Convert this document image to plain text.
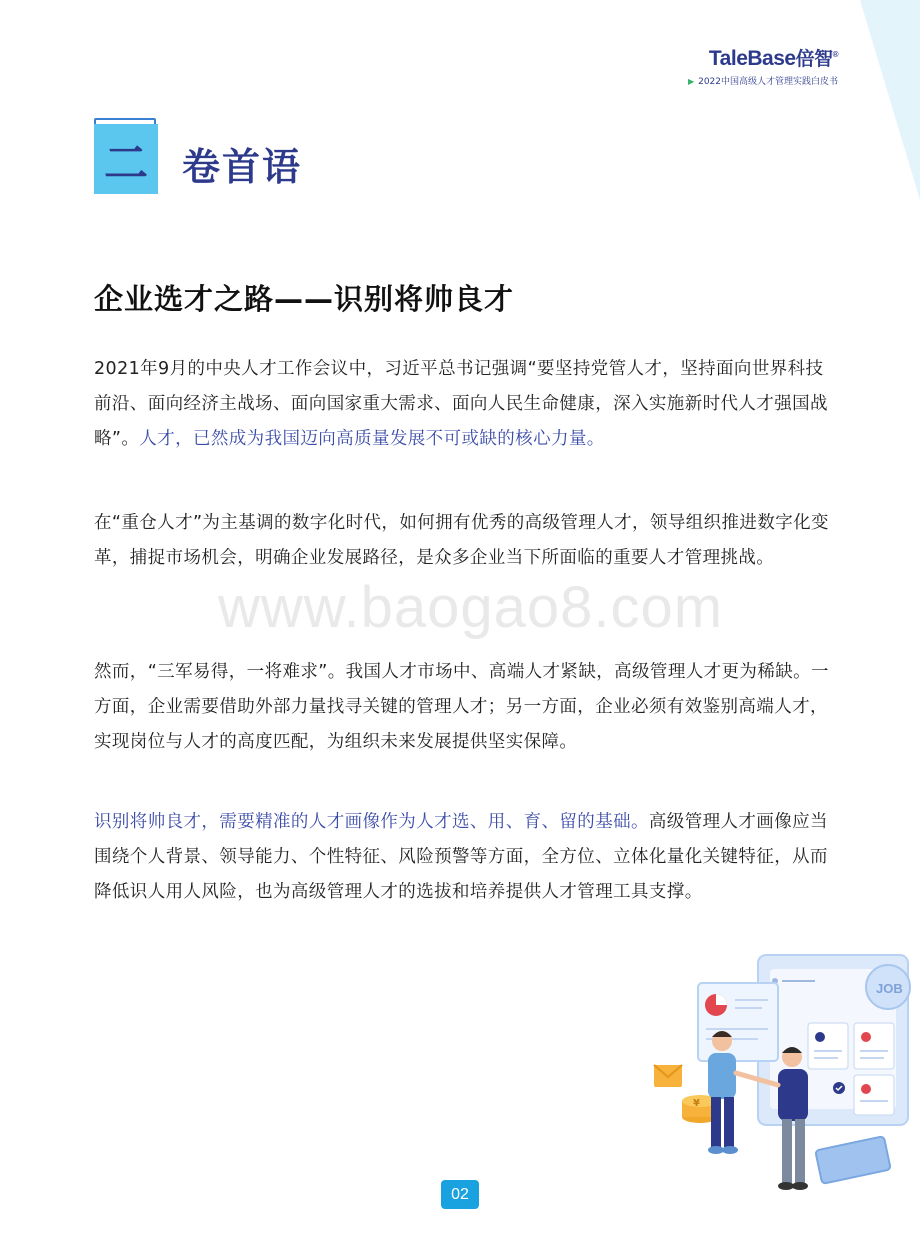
TaleBase倍智®
▶ 2022中国高级人才管理实践白皮书
二 卷首语
企业选才之路——识别将帅良才
www.baogao8.com

2021年9月的中央人才工作会议中，习近平总书记强调“要坚持党管人才，坚持面向世界科技前沿、面向经济主战场、面向国家重大需求、面向人民生命健康，深入实施新时代人才强国战略”。人才，已然成为我国迈向高质量发展不可或缺的核心力量。

在“重仓人才”为主基调的数字化时代，如何拥有优秀的高级管理人才，领导组织推进数字化变革，捕捉市场机会，明确企业发展路径，是众多企业当下所面临的重要人才管理挑战。

然而，“三军易得，一将难求”。我国人才市场中、高端人才紧缺，高级管理人才更为稀缺。一方面，企业需要借助外部力量找寻关键的管理人才；另一方面，企业必须有效鉴别高端人才，实现岗位与人才的高度匹配，为组织未来发展提供坚实保障。

识别将帅良才，需要精准的人才画像作为人才选、用、育、留的基础。高级管理人才画像应当围绕个人背景、领导能力、个性特征、风险预警等方面，全方位、立体化量化关键特征，从而降低识人用人风险，也为高级管理人才的选拔和培养提供人才管理工具支撑。

JOB
¥
02
